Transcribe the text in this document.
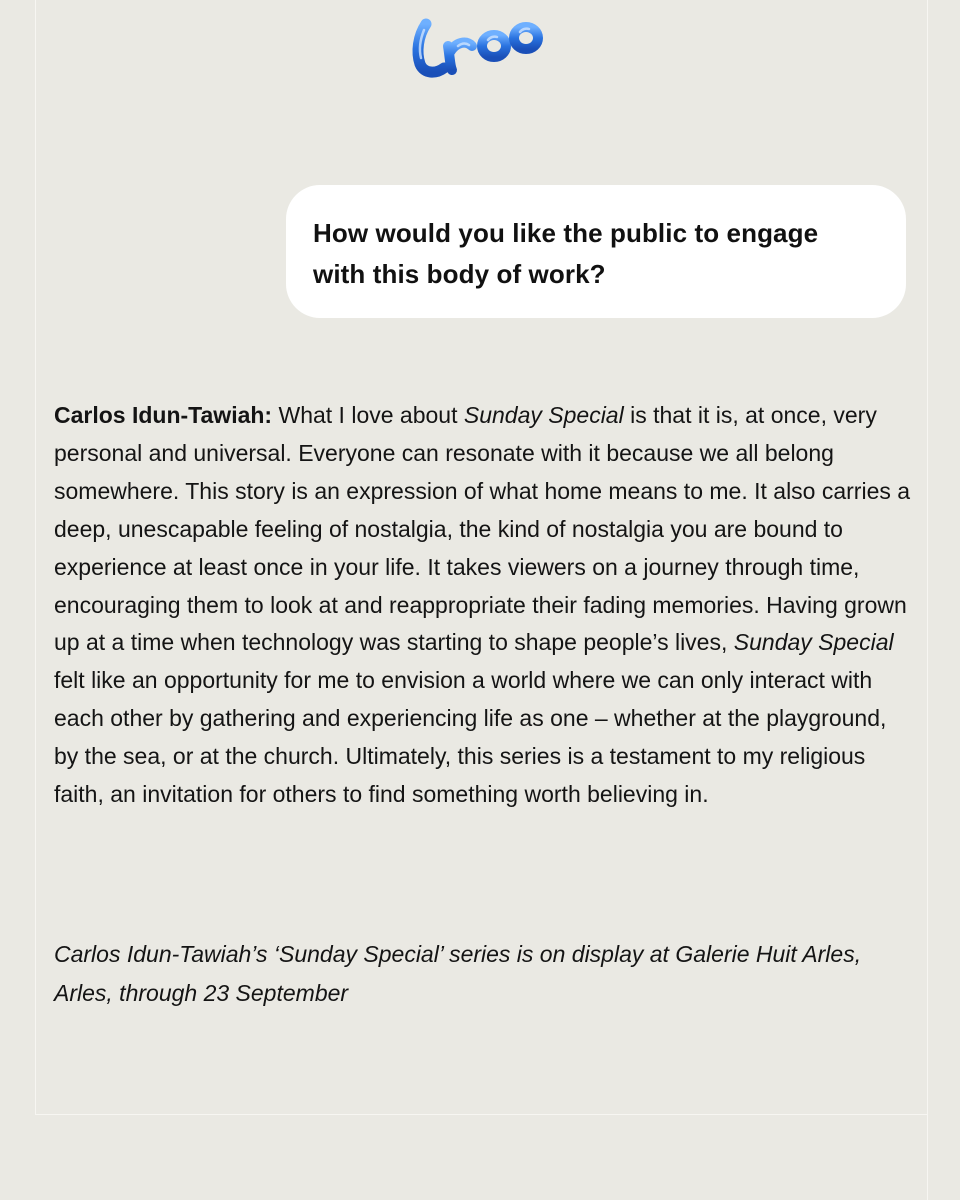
How would you like the public to engage with this body of work?

Carlos Idun-Tawiah: What I love about Sunday Special is that it is, at once, very personal and universal. Everyone can resonate with it because we all belong somewhere. This story is an expression of what home means to me. It also carries a deep, unescapable feeling of nostalgia, the kind of nostalgia you are bound to experience at least once in your life. It takes viewers on a journey through time, encouraging them to look at and reappropriate their fading memories. Having grown up at a time when technology was starting to shape people’s lives, Sunday Special felt like an opportunity for me to envision a world where we can only interact with each other by gathering and experiencing life as one – whether at the playground, by the sea, or at the church. Ultimately, this series is a testament to my religious faith, an invitation for others to find something worth believing in.

Carlos Idun-Tawiah’s ‘Sunday Special’ series is on display at Galerie Huit Arles, Arles, through 23 September
